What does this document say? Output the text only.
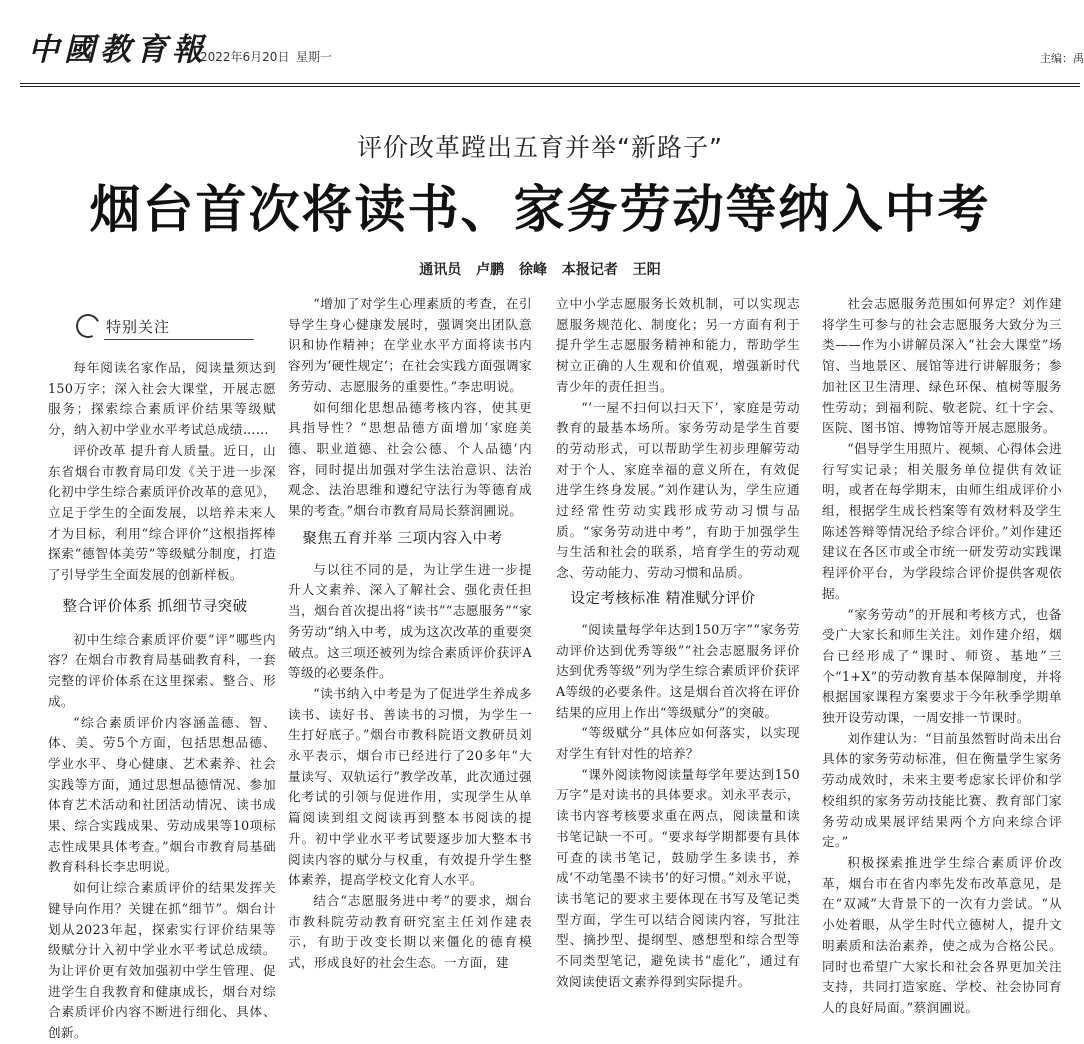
中國教育報
2022年6月20日 星期一	主编：禹
评价改革蹚出五育并举“新路子”
烟台首次将读书、家务劳动等纳入中考
通讯员 卢鹏 徐峰 本报记者 王阳
特别关注

每年阅读名家作品，阅读量须达到150万字；深入社会大课堂，开展志愿服务；探索综合素质评价结果等级赋分，纳入初中学业水平考试总成绩……

评价改革 提升育人质量。近日，山东省烟台市教育局印发《关于进一步深化初中学生综合素质评价改革的意见》，立足于学生的全面发展，以培养未来人才为目标，利用“综合评价”这根指挥棒探索“德智体美劳”等级赋分制度，打造了引导学生全面发展的创新样板。

整合评价体系 抓细节寻突破

初中生综合素质评价要“评”哪些内容？在烟台市教育局基础教育科，一套完整的评价体系在这里探索、整合、形成。

“综合素质评价内容涵盖德、智、体、美、劳5个方面，包括思想品德、学业水平、身心健康、艺术素养、社会实践等方面，通过思想品德情况、参加体育艺术活动和社团活动情况、读书成果、综合实践成果、劳动成果等10项标志性成果具体考查。”烟台市教育局基础教育科科长李忠明说。

如何让综合素质评价的结果发挥关键导向作用？关键在抓“细节”。烟台计划从2023年起，探索实行评价结果等级赋分计入初中学业水平考试总成绩。为让评价更有效加强初中学生管理、促进学生自我教育和健康成长，烟台对综合素质评价内容不断进行细化、具体、创新。

“增加了对学生心理素质的考查，在引导学生身心健康发展时，强调突出团队意识和协作精神；在学业水平方面将读书内容列为‘硬性规定’；在社会实践方面强调家务劳动、志愿服务的重要性。”李忠明说。

如何细化思想品德考核内容，使其更具指导性？“思想品德方面增加‘家庭美德、职业道德、社会公德、个人品德’内容，同时提出加强对学生法治意识、法治观念、法治思维和遵纪守法行为等德育成果的考查。”烟台市教育局局长蔡润圃说。

聚焦五育并举 三项内容入中考

与以往不同的是，为让学生进一步提升人文素养、深入了解社会、强化责任担当，烟台首次提出将“读书”“志愿服务”“家务劳动”纳入中考，成为这次改革的重要突破点。这三项还被列为综合素质评价获评A等级的必要条件。

“读书纳入中考是为了促进学生养成多读书、读好书、善读书的习惯，为学生一生打好底子。”烟台市教科院语文教研员刘永平表示，烟台市已经进行了20多年“大量读写、双轨运行”教学改革，此次通过强化考试的引领与促进作用，实现学生从单篇阅读到组文阅读再到整本书阅读的提升。初中学业水平考试要逐步加大整本书阅读内容的赋分与权重，有效提升学生整体素养，提高学校文化育人水平。

结合“志愿服务进中考”的要求，烟台市教科院劳动教育研究室主任刘作建表示，有助于改变长期以来僵化的德育模式，形成良好的社会生态。一方面，建

立中小学志愿服务长效机制，可以实现志愿服务规范化、制度化；另一方面有利于提升学生志愿服务精神和能力，帮助学生树立正确的人生观和价值观，增强新时代青少年的责任担当。

“‘一屋不扫何以扫天下’，家庭是劳动教育的最基本场所。家务劳动是学生首要的劳动形式，可以帮助学生初步理解劳动对于个人、家庭幸福的意义所在，有效促进学生终身发展。”刘作建认为，学生应通过经常性劳动实践形成劳动习惯与品质。“家务劳动进中考”，有助于加强学生与生活和社会的联系，培育学生的劳动观念、劳动能力、劳动习惯和品质。

设定考核标准 精准赋分评价

“阅读量每学年达到150万字”“家务劳动评价达到优秀等级”“社会志愿服务评价达到优秀等级”列为学生综合素质评价获评A等级的必要条件。这是烟台首次将在评价结果的应用上作出“等级赋分”的突破。

“等级赋分”具体应如何落实，以实现对学生有针对性的培养？

“课外阅读物阅读量每学年要达到150万字”是对读书的具体要求。刘永平表示，读书内容考核要求重在两点，阅读量和读书笔记缺一不可。“要求每学期都要有具体可查的读书笔记，鼓励学生多读书，养成‘不动笔墨不读书’的好习惯。”刘永平说，读书笔记的要求主要体现在书写及笔记类型方面，学生可以结合阅读内容，写批注型、摘抄型、提纲型、感想型和综合型等不同类型笔记，避免读书“虚化”，通过有效阅读使语文素养得到实际提升。

社会志愿服务范围如何界定？刘作建将学生可参与的社会志愿服务大致分为三类——作为小讲解员深入“社会大课堂”场馆、当地景区、展馆等进行讲解服务；参加社区卫生清理、绿色环保、植树等服务性劳动；到福利院、敬老院、红十字会、医院、图书馆、博物馆等开展志愿服务。

“倡导学生用照片、视频、心得体会进行写实记录；相关服务单位提供有效证明，或者在每学期末，由师生组成评价小组，根据学生成长档案等有效材料及学生陈述答辩等情况给予综合评价。”刘作建还建议在各区市或全市统一研发劳动实践课程评价平台，为学段综合评价提供客观依据。

“家务劳动”的开展和考核方式，也备受广大家长和师生关注。刘作建介绍，烟台已经形成了“课时、师资、基地”三个“1+X”的劳动教育基本保障制度，并将根据国家课程方案要求于今年秋季学期单独开设劳动课，一周安排一节课时。

刘作建认为：“目前虽然暂时尚未出台具体的家务劳动标准，但在衡量学生家务劳动成效时，未来主要考虑家长评价和学校组织的家务劳动技能比赛、教育部门家务劳动成果展评结果两个方向来综合评定。”

积极探索推进学生综合素质评价改革，烟台市在省内率先发布改革意见，是在“双减”大背景下的一次有力尝试。“从小处着眼，从学生时代立德树人，提升文明素质和法治素养，使之成为合格公民。同时也希望广大家长和社会各界更加关注支持，共同打造家庭、学校、社会协同育人的良好局面。”蔡润圃说。
